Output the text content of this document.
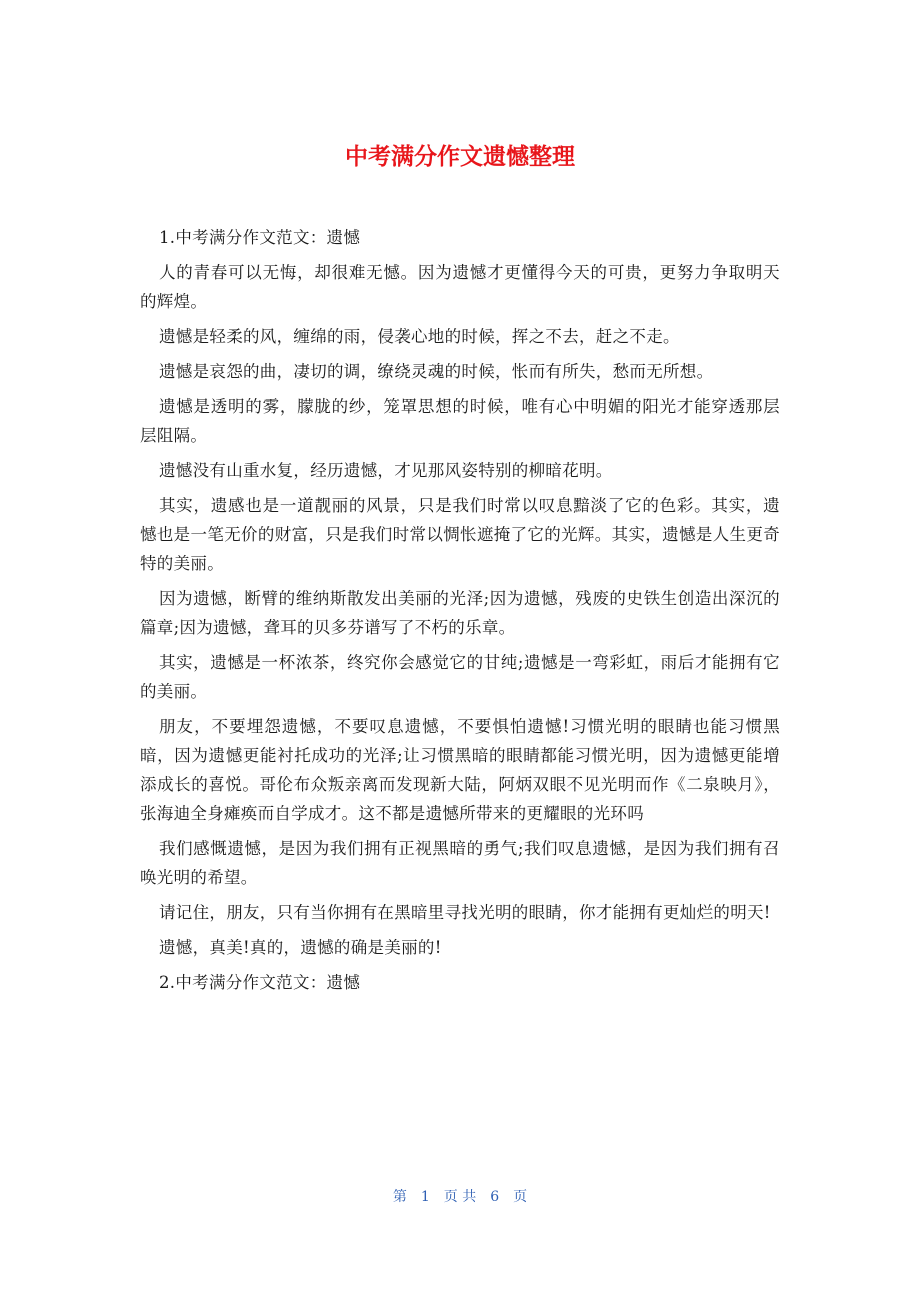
中考满分作文遗憾整理

1.中考满分作文范文：遗憾

人的青春可以无悔，却很难无憾。因为遗憾才更懂得今天的可贵，更努力争取明天的辉煌。

遗憾是轻柔的风，缠绵的雨，侵袭心地的时候，挥之不去，赶之不走。

遗憾是哀怨的曲，凄切的调，缭绕灵魂的时候，怅而有所失，愁而无所想。

遗憾是透明的雾，朦胧的纱，笼罩思想的时候，唯有心中明媚的阳光才能穿透那层层阻隔。

遗憾没有山重水复，经历遗憾，才见那风姿特别的柳暗花明。

其实，遗感也是一道靓丽的风景，只是我们时常以叹息黯淡了它的色彩。其实，遗憾也是一笔无价的财富，只是我们时常以惆怅遮掩了它的光辉。其实，遗憾是人生更奇特的美丽。

因为遗憾，断臂的维纳斯散发出美丽的光泽;因为遗憾，残废的史铁生创造出深沉的篇章;因为遗憾，聋耳的贝多芬谱写了不朽的乐章。

其实，遗憾是一杯浓茶，终究你会感觉它的甘纯;遗憾是一弯彩虹，雨后才能拥有它的美丽。

朋友，不要埋怨遗憾，不要叹息遗憾，不要惧怕遗憾!习惯光明的眼睛也能习惯黑暗，因为遗憾更能衬托成功的光泽;让习惯黑暗的眼睛都能习惯光明，因为遗憾更能增添成长的喜悦。哥伦布众叛亲离而发现新大陆，阿炳双眼不见光明而作《二泉映月》，张海迪全身瘫痪而自学成才。这不都是遗憾所带来的更耀眼的光环吗

我们感慨遗憾，是因为我们拥有正视黑暗的勇气;我们叹息遗憾，是因为我们拥有召唤光明的希望。

请记住，朋友，只有当你拥有在黑暗里寻找光明的眼睛，你才能拥有更灿烂的明天!

遗憾，真美!真的，遗憾的确是美丽的!

2.中考满分作文范文：遗憾

第 1 页 共 6 页
